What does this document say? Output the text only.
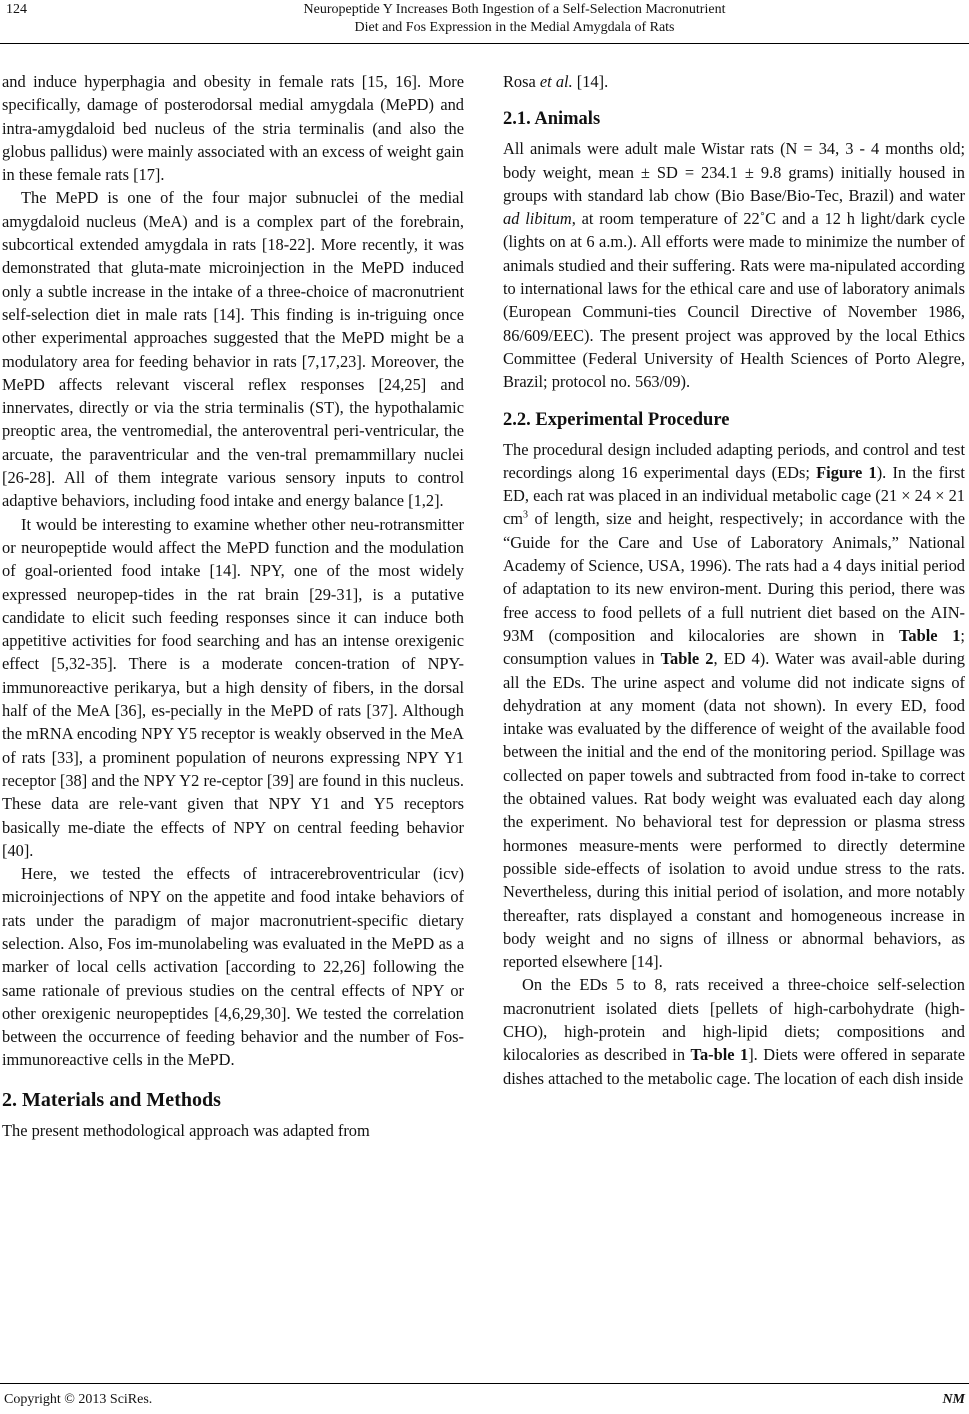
124	Neuropeptide Y Increases Both Ingestion of a Self-Selection Macronutrient
Diet and Fos Expression in the Medial Amygdala of Rats

and induce hyperphagia and obesity in female rats [15, 16]. More specifically, damage of posterodorsal medial amygdala (MePD) and intra-amygdaloid bed nucleus of the stria terminalis (and also the globus pallidus) were mainly associated with an excess of weight gain in these female rats [17].

The MePD is one of the four major subnuclei of the medial amygdaloid nucleus (MeA) and is a complex part of the forebrain, subcortical extended amygdala in rats [18-22]. More recently, it was demonstrated that gluta-mate microinjection in the MePD induced only a subtle increase in the intake of a three-choice of macronutrient self-selection diet in male rats [14]. This finding is in-triguing once other experimental approaches suggested that the MePD might be a modulatory area for feeding behavior in rats [7,17,23]. Moreover, the MePD affects relevant visceral reflex responses [24,25] and innervates, directly or via the stria terminalis (ST), the hypothalamic preoptic area, the ventromedial, the anteroventral peri-ventricular, the arcuate, the paraventricular and the ven-tral premammillary nuclei [26-28]. All of them integrate various sensory inputs to control adaptive behaviors, including food intake and energy balance [1,2].

It would be interesting to examine whether other neu-rotransmitter or neuropeptide would affect the MePD function and the modulation of goal-oriented food intake [14]. NPY, one of the most widely expressed neuropep-tides in the rat brain [29-31], is a putative candidate to elicit such feeding responses since it can induce both appetitive activities for food searching and has an intense orexigenic effect [5,32-35]. There is a moderate concen-tration of NPY-immunoreactive perikarya, but a high density of fibers, in the dorsal half of the MeA [36], es-pecially in the MePD of rats [37]. Although the mRNA encoding NPY Y5 receptor is weakly observed in the MeA of rats [33], a prominent population of neurons expressing NPY Y1 receptor [38] and the NPY Y2 re-ceptor [39] are found in this nucleus. These data are rele-vant given that NPY Y1 and Y5 receptors basically me-diate the effects of NPY on central feeding behavior [40].

Here, we tested the effects of intracerebroventricular (icv) microinjections of NPY on the appetite and food intake behaviors of rats under the paradigm of major macronutrient-specific dietary selection. Also, Fos im-munolabeling was evaluated in the MePD as a marker of local cells activation [according to 22,26] following the same rationale of previous studies on the central effects of NPY or other orexigenic neuropeptides [4,6,29,30]. We tested the correlation between the occurrence of feeding behavior and the number of Fos-immunoreactive cells in the MePD.

2. Materials and Methods

The present methodological approach was adapted from

Rosa et al. [14].

2.1. Animals

All animals were adult male Wistar rats (N = 34, 3 - 4 months old; body weight, mean ± SD = 234.1 ± 9.8 grams) initially housed in groups with standard lab chow (Bio Base/Bio-Tec, Brazil) and water ad libitum, at room temperature of 22˚C and a 12 h light/dark cycle (lights on at 6 a.m.). All efforts were made to minimize the number of animals studied and their suffering. Rats were ma-nipulated according to international laws for the ethical care and use of laboratory animals (European Communi-ties Council Directive of November 1986, 86/609/EEC). The present project was approved by the local Ethics Committee (Federal University of Health Sciences of Porto Alegre, Brazil; protocol no. 563/09).

2.2. Experimental Procedure

The procedural design included adapting periods, and control and test recordings along 16 experimental days (EDs; Figure 1). In the first ED, each rat was placed in an individual metabolic cage (21 × 24 × 21 $cm^3$ of length, size and height, respectively; in accordance with the “Guide for the Care and Use of Laboratory Animals,” National Academy of Science, USA, 1996). The rats had a 4 days initial period of adaptation to its new environ-ment. During this period, there was free access to food pellets of a full nutrient diet based on the AIN-93M (composition and kilocalories are shown in Table 1; consumption values in Table 2, ED 4). Water was avail-able during all the EDs. The urine aspect and volume did not indicate signs of dehydration at any moment (data not shown). In every ED, food intake was evaluated by the difference of weight of the available food between the initial and the end of the monitoring period. Spillage was collected on paper towels and subtracted from food in-take to correct the obtained values. Rat body weight was evaluated each day along the experiment. No behavioral test for depression or plasma stress hormones measure-ments were performed to directly determine possible side-effects of isolation to avoid undue stress to the rats. Nevertheless, during this initial period of isolation, and more notably thereafter, rats displayed a constant and homogeneous increase in body weight and no signs of illness or abnormal behaviors, as reported elsewhere [14].

On the EDs 5 to 8, rats received a three-choice self-selection macronutrient isolated diets [pellets of high-carbohydrate (high-CHO), high-protein and high-lipid diets; compositions and kilocalories as described in Ta-ble 1]. Diets were offered in separate dishes attached to the metabolic cage. The location of each dish inside

Copyright © 2013 SciRes.	NM
